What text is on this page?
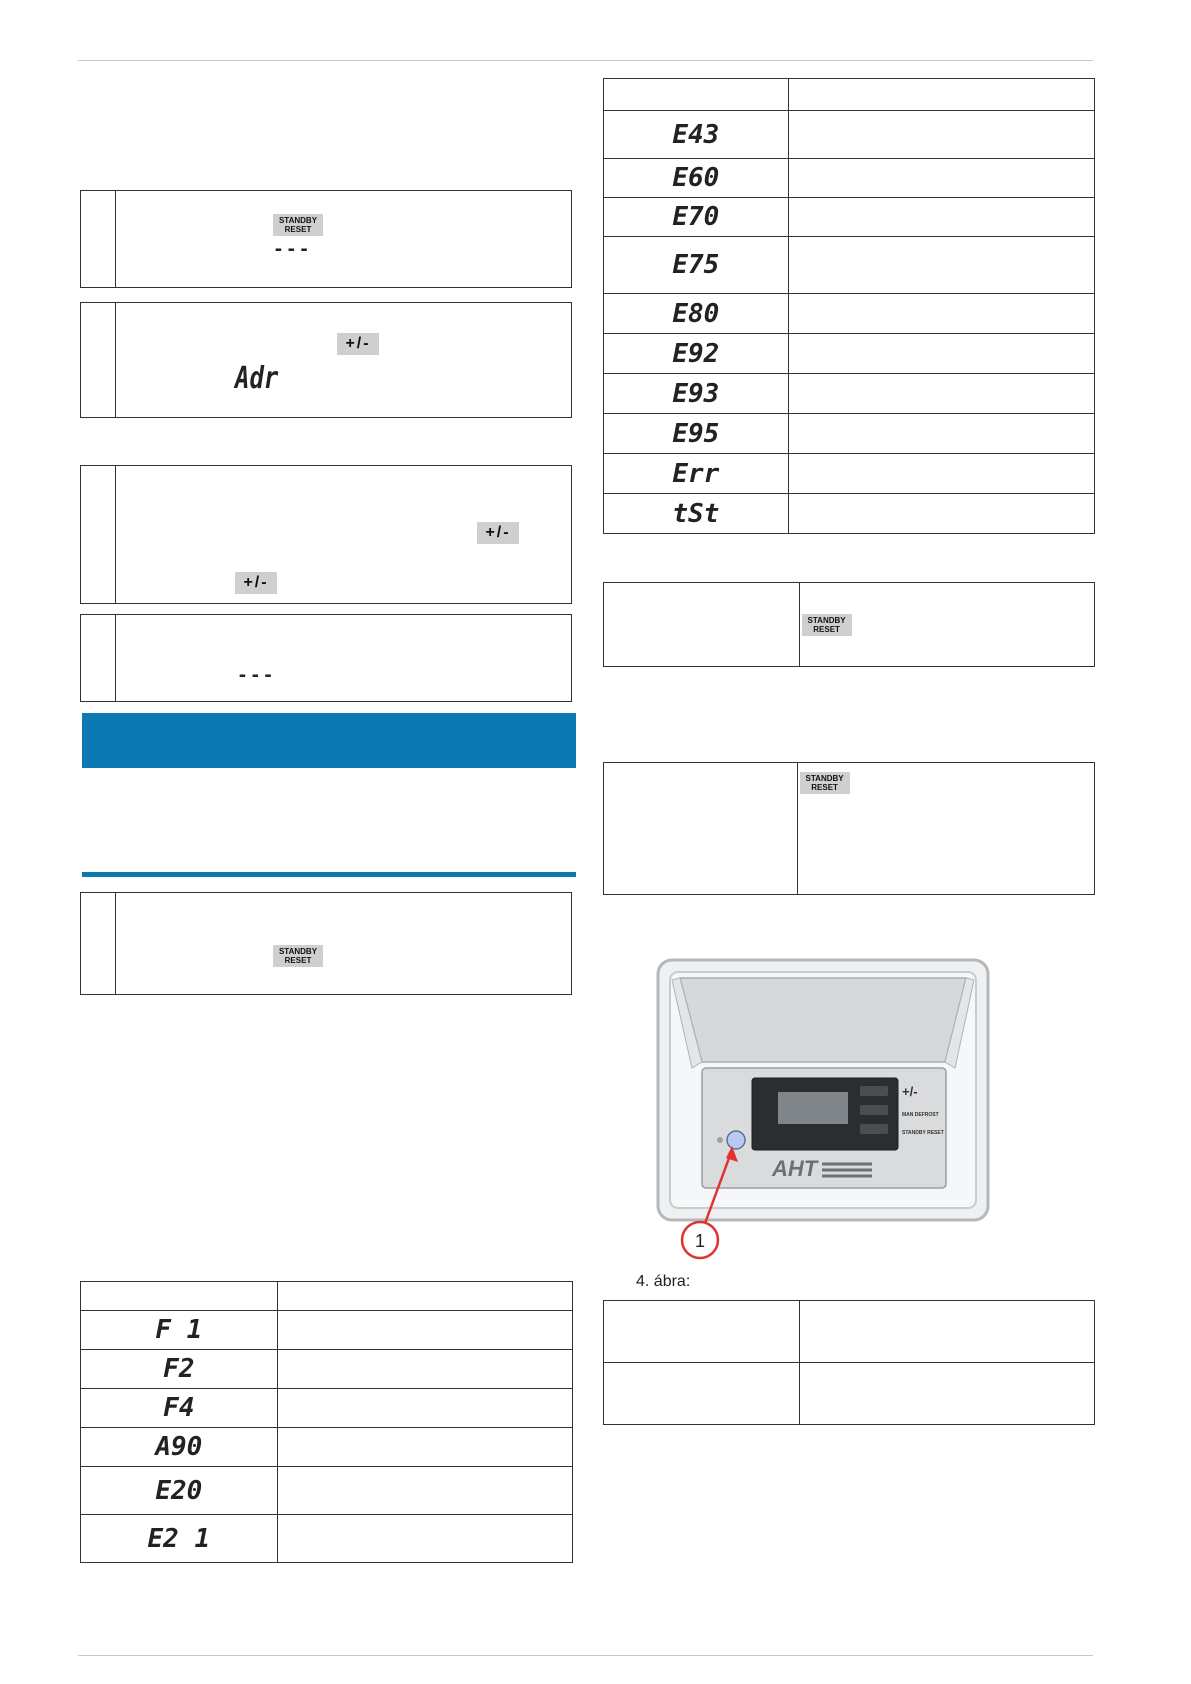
STANDBY
RESET
---
+/-
Adr
+/-
+/-
---
STANDBY
RESET

F 1	
F2	
F4	
A90	
E20	
E2 1	

E43	
E60	
E70	
E75	
E80	
E92	
E93	
E95	
Err	
tSt	

STANDBY
RESET

STANDBY
RESET
+/-
MAN DEFROST
STANDBY RESET
AHT
1
4. ábra:
